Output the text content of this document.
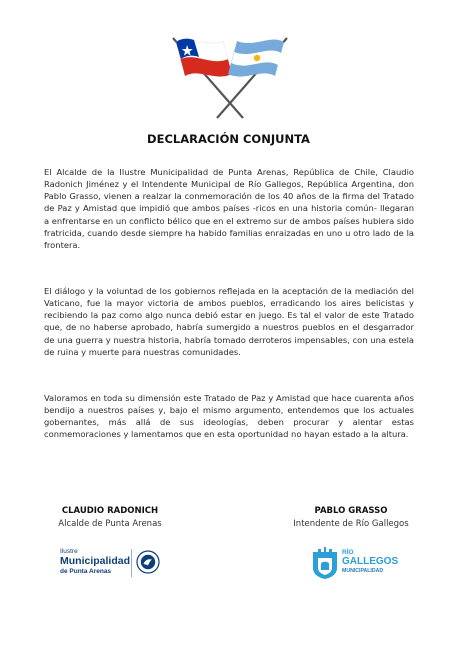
DECLARACIÓN CONJUNTA

El Alcalde de la Ilustre Municipalidad de Punta Arenas, República de Chile, Claudio Radonich Jiménez y el Intendente Municipal de Río Gallegos, República Argentina, don Pablo Grasso, vienen a realzar la conmemoración de los 40 años de la firma del Tratado de Paz y Amistad que impidió que ambos países -ricos en una historia común- llegaran a enfrentarse en un conflicto bélico que en el extremo sur de ambos países hubiera sido fratricida, cuando desde siempre ha habido familias enraizadas en uno u otro lado de la frontera.

El diálogo y la voluntad de los gobiernos reflejada en la aceptación de la mediación del Vaticano, fue la mayor victoria de ambos pueblos, erradicando los aires belicistas y recibiendo la paz como algo nunca debió estar en juego. Es tal el valor de este Tratado que, de no haberse aprobado, habría sumergido a nuestros pueblos en el desgarrador de una guerra y nuestra historia, habría tomado derroteros impensables, con una estela de ruina y muerte para nuestras comunidades.

Valoramos en toda su dimensión este Tratado de Paz y Amistad que hace cuarenta años bendijo a nuestros países y, bajo el mismo argumento, entendemos que los actuales gobernantes, más allá de sus ideologías, deben procurar y alentar estas conmemoraciones y lamentamos que en esta oportunidad no hayan estado a la altura.

CLAUDIO RADONICH
Alcalde de Punta Arenas
PABLO GRASSO
Intendente de Río Gallegos
Ilustre
Municipalidad
de Punta Arenas
RÍO
GALLEGOS
MUNICIPALIDAD
